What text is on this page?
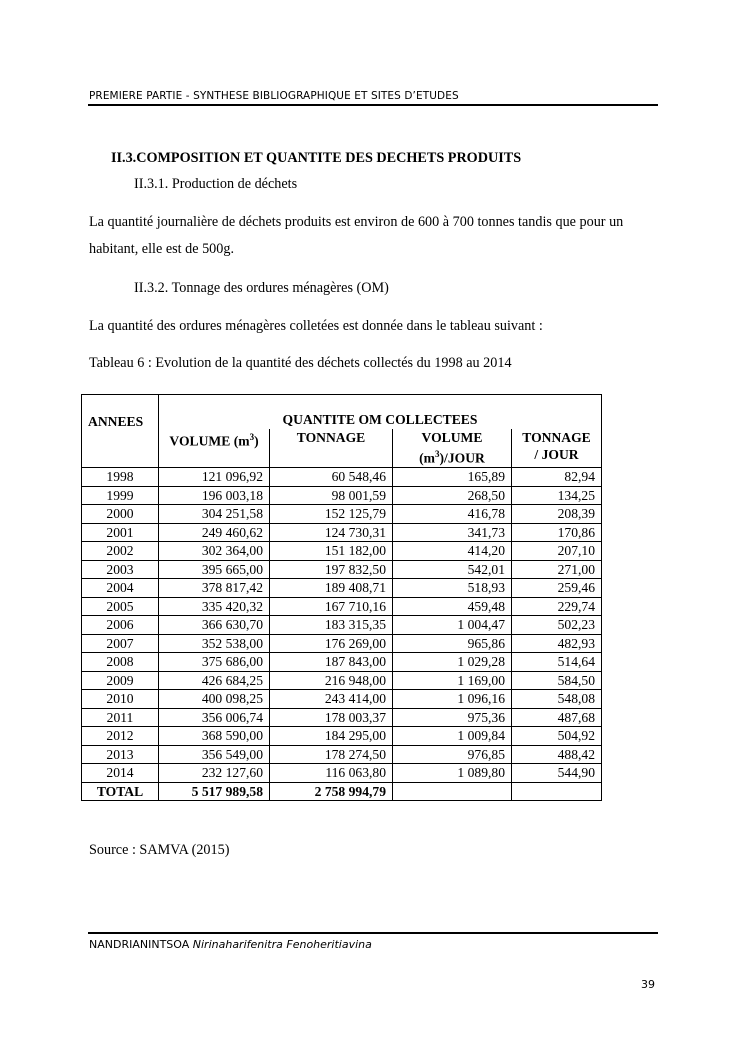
PREMIERE PARTIE - SYNTHESE BIBLIOGRAPHIQUE ET SITES D’ETUDES
II.3.COMPOSITION ET QUANTITE DES DECHETS PRODUITS
II.3.1. Production de déchets
La quantité journalière de déchets produits est environ de 600 à 700 tonnes tandis que pour un
habitant, elle est de 500g.
II.3.2. Tonnage des ordures ménagères (OM)
La quantité des ordures ménagères colletées est donnée dans le tableau suivant :
Tableau 6 : Evolution de la quantité des déchets collectés du 1998 au 2014
ANNEES	QUANTITE OM COLLECTEES			
	VOLUME $(m^3)$	TONNAGE	VOLUME
$(m^3)$/JOUR	TONNAGE
/ JOUR
1998	121 096,92	60 548,46	165,89	82,94
1999	196 003,18	98 001,59	268,50	134,25
2000	304 251,58	152 125,79	416,78	208,39
2001	249 460,62	124 730,31	341,73	170,86
2002	302 364,00	151 182,00	414,20	207,10
2003	395 665,00	197 832,50	542,01	271,00
2004	378 817,42	189 408,71	518,93	259,46
2005	335 420,32	167 710,16	459,48	229,74
2006	366 630,70	183 315,35	1 004,47	502,23
2007	352 538,00	176 269,00	965,86	482,93
2008	375 686,00	187 843,00	1 029,28	514,64
2009	426 684,25	216 948,00	1 169,00	584,50
2010	400 098,25	243 414,00	1 096,16	548,08
2011	356 006,74	178 003,37	975,36	487,68
2012	368 590,00	184 295,00	1 009,84	504,92
2013	356 549,00	178 274,50	976,85	488,42
2014	232 127,60	116 063,80	1 089,80	544,90
TOTAL	5 517 989,58	2 758 994,79		
Source : SAMVA (2015)
NANDRIANINTSOA Nirinaharifenitra Fenoheritiavina
39
